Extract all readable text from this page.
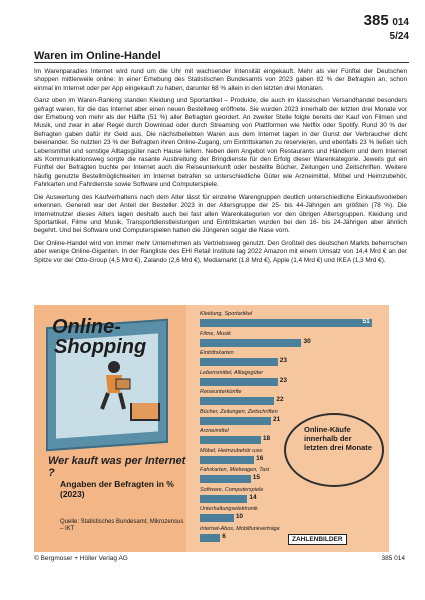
385 014
5/24
Waren im Online-Handel

Im Warenparadies Internet wird rund um die Uhr mit wachsender Intensität eingekauft. Mehr als vier Fünftel der Deutschen shoppen mittlerweile online: In einer Erhebung des Statistischen Bundesamts von 2023 gaben 82 % der Befragten an, schon einmal im Internet oder per App eingekauft zu haben, darunter 68 % allein in den letzten drei Monaten.

Ganz oben im Waren-Ranking standen Kleidung und Sportartikel – Produkte, die auch im klassischen Versandhandel besonders gefragt waren, für die das Internet aber einen neuen Bestellweg eröffnete. Sie wurden 2023 innerhalb der letzten drei Monate vor der Erhebung von mehr als der Hälfte (51 %) aller Befragten geordert. An zweiter Stelle folgte bereits der Kauf von Filmen und Musik, und zwar in aller Regel durch Download oder durch Streaming von Plattformen wie Netflix oder Spotify. Rund 30 % der Befragten gaben dafür ihr Geld aus. Die nächstbeliebten Waren aus dem Internet lagen in der Gunst der Verbraucher dicht beieinander. So nutzten 23 % der Befragten ihren Online-Zugang, um Eintrittskarten zu reservieren, und ebenfalls 23 % ließen sich Lebensmittel und sonstige Alltagsgüter nach Hause liefern. Neben dem Angebot von Restaurants und Händlern und dem Internet als Kommunikationsweg sorgte die rasante Ausbreitung der Bringdienste für den Erfolg dieser Warenkategorie. Jeweils gut ein Fünftel der Befragten buchte per Internet auch die Reiseunterkunft oder bestellte Bücher, Zeitungen und Zeitschriften. Weitere häufig genutzte Bestellmöglichkeiten im Internet betrafen so unterschiedliche Güter wie Arzneimittel, Möbel und Heimzubehör, Fahrkarten und Fahrdienste sowie Software und Computerspiele.

Die Auswertung des Kaufverhaltens nach dem Alter lässt für einzelne Warengruppen deutlich unterschiedliche Einkaufsvorlieben erkennen. Generell war der Anteil der Besteller 2023 in der Altersgruppe der 25- bis 44-Jährigen am größten (78 %). Die Internetnutzer dieses Alters lagen deshalb auch bei fast allen Warenkategorien vor den übrigen Altersgruppen. Kleidung und Sportartikel, Filme und Musik, Transportdienstleistungen und Eintrittskarten wurden bei den 16- bis 24-Jährigen aber ähnlich begehrt. Und bei Software und Computerspielen hatten die Jüngeren sogar die Nase vorn.

Der Online-Handel wird von immer mehr Unternehmen als Vertriebsweg genutzt. Den Großteil des deutschen Markts beherrschen aber wenige Online-Giganten. In der Rangliste des EHI Retail Institute lag 2022 Amazon mit einem Umsatz von 14,4 Mrd € an der Spitze vor der Otto-Group (4,5 Mrd €), Zalando (2,6 Mrd €), Mediamarkt (1,8 Mrd €), Apple (1,4 Mrd €) und IKEA (1,3 Mrd €).

Online-
Shopping
Wer kauft was per Internet ?
Angaben der Befragten in % (2023)
Quelle: Statistisches Bundesamt, Mikrozensus – IKT
Kleidung, Sportartikel
51
Filme, Musik
30
Eintrittskarten
23
Lebensmittel, Alltagsgüter
23
Reiseunterkünfte
22
Bücher, Zeitungen, Zeitschriften
21
Arzneimittel
18
Möbel, Heimzubehör usw.
16
Fahrkarten, Mietwagen, Taxi
15
Software, Computerspiele
14
Unterhaltungselektronik
10
Internet-Abos, Mobilfunkverträge
6
Online-Käufe innerhalb der letzten drei Monate
ZAHLENBILDER
© Bergmoser + Höller Verlag AG	385 014
